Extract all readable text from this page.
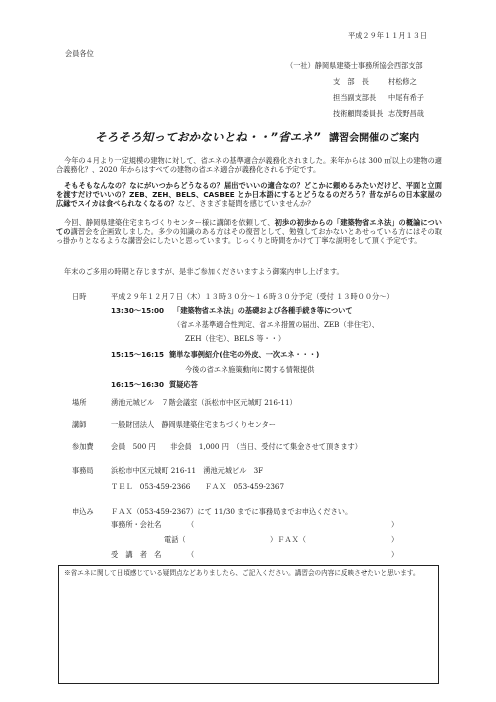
平成２９年１１月１３日
会員各位
（一社）静岡県建築士事務所協会西部支部
支　部　長	村松修之
担当副支部長 中尾有希子
技術顧問委員長 志茂野昌哉
そろそろ知っておかないとね・・”省エネ” 講習会開催のご案内
今年の４月より一定規模の建物に対して、省エネの基準適合が義務化されました。来年からは 300 ㎡以上の建物の適合義務化？、2020 年からはすべての建物の省エネ適合が義務化される予定です。
そもそもなんなの？なにがいつからどうなるの？届出でいいの適合なの？どこかに頼めるみたいだけど、平面と立面を渡すだけでいいの？ZEB、ZEH、BELS、CASBEE とか日本語にするとどうなるのだろう？昔ながらの日本家屋の広縁でスイカは食べられなくなるの？など、さまざま疑問を感じていませんか？
今回、静岡県建築住宅まちづくりセンター様に講師を依頼して、初歩の初歩からの「建築物省エネ法」の概論についての講習会を企画致しました。多少の知識のある方はその復習として、勉強しておかないとあせっている方にはその取っ掛かりとなるような講習会にしたいと思っています。じっくりと時間をかけて丁寧な説明をして頂く予定です。
年末のご多用の時期と存じますが、是非ご参加くださいますよう御案内申し上げます。
日時	平成２９年１２月７日（木）１３時３０分～１６時３０分予定（受付 １３時００分～）
13:30～15:00 「建築物省エネ法」の基礎および各種手続き等について
（省エネ基準適合性判定、省エネ措置の届出、ZEB（非住宅）、
ZEH（住宅）、BELS 等・・）
15:15～16:15 簡単な事例紹介(住宅の外皮、一次エネ・・・)
今後の省エネ施策動向に関する情報提供
16:15～16:30 質疑応答
場所	湧池元城ビル　７階会議室（浜松市中区元城町 216-11）
講師	一般財団法人　静岡県建築住宅まちづくりセンター
参加費 会員　500 円　　非会員　1,000 円　（当日、受付にて集金させて頂きます）
事務局 浜松市中区元城町 216-11　湧池元城ビル　3F
ＴＥＬ　053-459-2366　　ＦＡＸ　053-459-2367
申込み ＦＡＸ（053-459-2367）にて 11/30 までに事務局までお申込ください。
事務所・会社名	（	）
電話（	）ＦＡＸ（	）
受　講　者　名	（	）
※省エネに関して日頃感じている疑問点などありましたら、ご記入ください。講習会の内容に反映させたいと思います。
